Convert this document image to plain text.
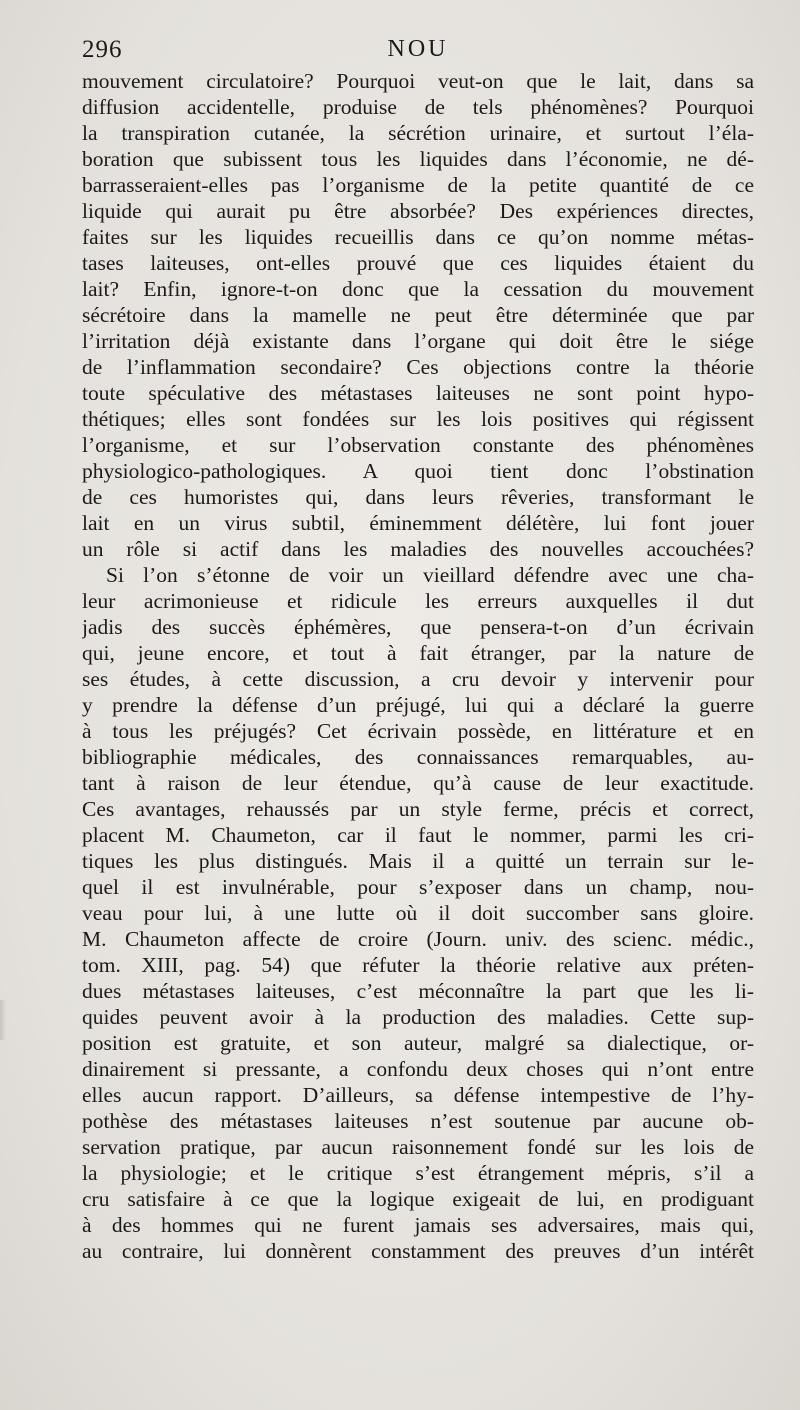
296	NOU
mouvement circulatoire? Pourquoi veut-on que le lait, dans sa
diffusion accidentelle, produise de tels phénomènes? Pourquoi
la transpiration cutanée, la sécrétion urinaire, et surtout l’éla-
boration que subissent tous les liquides dans l’économie, ne dé-
barrasseraient-elles pas l’organisme de la petite quantité de ce
liquide qui aurait pu être absorbée? Des expériences directes,
faites sur les liquides recueillis dans ce qu’on nomme métas-
tases laiteuses, ont-elles prouvé que ces liquides étaient du
lait? Enfin, ignore-t-on donc que la cessation du mouvement
sécrétoire dans la mamelle ne peut être déterminée que par
l’irritation déjà existante dans l’organe qui doit être le siége
de l’inflammation secondaire? Ces objections contre la théorie
toute spéculative des métastases laiteuses ne sont point hypo-
thétiques; elles sont fondées sur les lois positives qui régissent
l’organisme, et sur l’observation constante des phénomènes
physiologico-pathologiques. A quoi tient donc l’obstination
de ces humoristes qui, dans leurs rêveries, transformant le
lait en un virus subtil, éminemment délétère, lui font jouer
un rôle si actif dans les maladies des nouvelles accouchées?
Si l’on s’étonne de voir un vieillard défendre avec une cha-
leur acrimonieuse et ridicule les erreurs auxquelles il dut
jadis des succès éphémères, que pensera-t-on d’un écrivain
qui, jeune encore, et tout à fait étranger, par la nature de
ses études, à cette discussion, a cru devoir y intervenir pour
y prendre la défense d’un préjugé, lui qui a déclaré la guerre
à tous les préjugés? Cet écrivain possède, en littérature et en
bibliographie médicales, des connaissances remarquables, au-
tant à raison de leur étendue, qu’à cause de leur exactitude.
Ces avantages, rehaussés par un style ferme, précis et correct,
placent M. Chaumeton, car il faut le nommer, parmi les cri-
tiques les plus distingués. Mais il a quitté un terrain sur le-
quel il est invulnérable, pour s’exposer dans un champ, nou-
veau pour lui, à une lutte où il doit succomber sans gloire.
M. Chaumeton affecte de croire (Journ. univ. des scienc. médic.,
tom. XIII, pag. 54) que réfuter la théorie relative aux préten-
dues métastases laiteuses, c’est méconnaître la part que les li-
quides peuvent avoir à la production des maladies. Cette sup-
position est gratuite, et son auteur, malgré sa dialectique, or-
dinairement si pressante, a confondu deux choses qui n’ont entre
elles aucun rapport. D’ailleurs, sa défense intempestive de l’hy-
pothèse des métastases laiteuses n’est soutenue par aucune ob-
servation pratique, par aucun raisonnement fondé sur les lois de
la physiologie; et le critique s’est étrangement mépris, s’il a
cru satisfaire à ce que la logique exigeait de lui, en prodiguant
à des hommes qui ne furent jamais ses adversaires, mais qui,
au contraire, lui donnèrent constamment des preuves d’un intérêt
